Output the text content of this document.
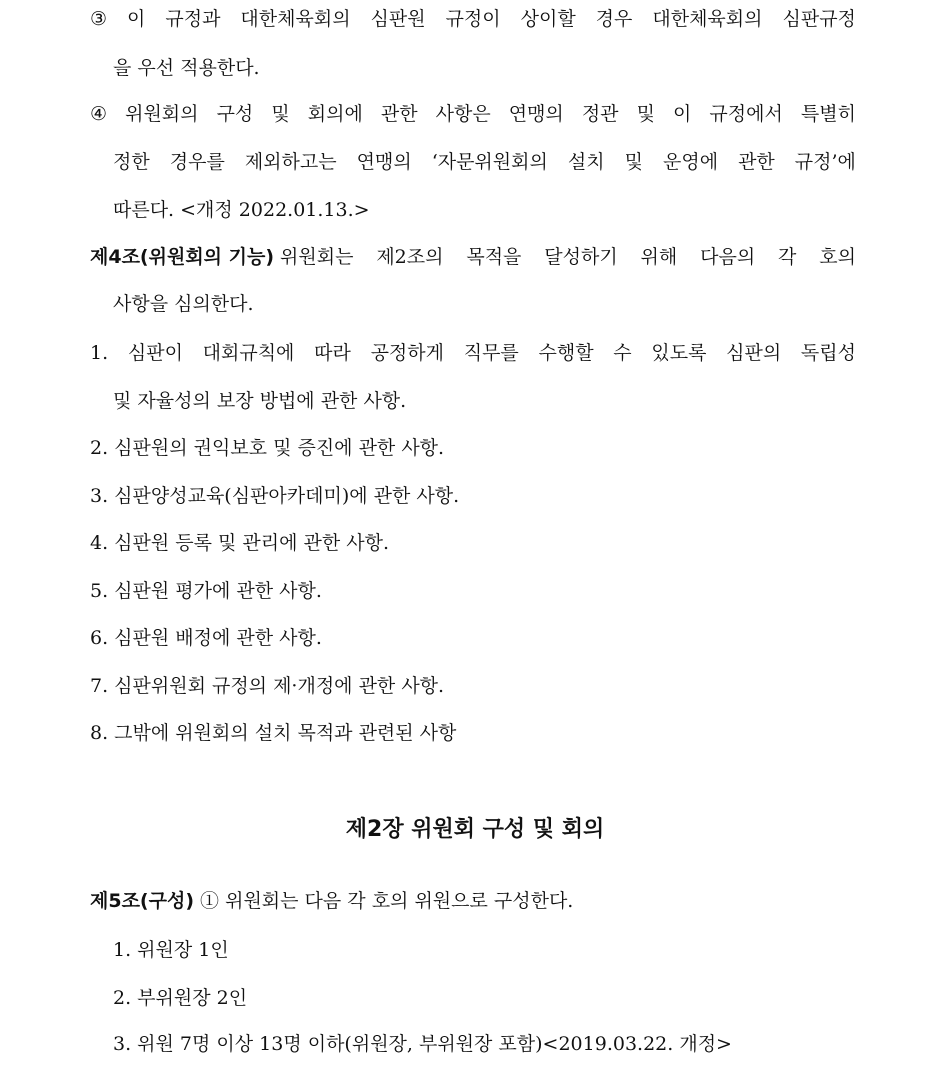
③ 이 규정과 대한체육회의 심판원 규정이 상이할 경우 대한체육회의 심판규정
을 우선 적용한다.
④ 위원회의 구성 및 회의에 관한 사항은 연맹의 정관 및 이 규정에서 특별히
정한 경우를 제외하고는 연맹의 ‘자문위원회의 설치 및 운영에 관한 규정’에
따른다. <개정 2022.01.13.>
제4조(위원회의 기능) 위원회는 제2조의 목적을 달성하기 위해 다음의 각 호의
사항을 심의한다.
1. 심판이 대회규칙에 따라 공정하게 직무를 수행할 수 있도록 심판의 독립성
및 자율성의 보장 방법에 관한 사항.
2. 심판원의 권익보호 및 증진에 관한 사항.
3. 심판양성교육(심판아카데미)에 관한 사항.
4. 심판원 등록 및 관리에 관한 사항.
5. 심판원 평가에 관한 사항.
6. 심판원 배정에 관한 사항.
7. 심판위원회 규정의 제·개정에 관한 사항.
8. 그밖에 위원회의 설치 목적과 관련된 사항
제2장 위원회 구성 및 회의
제5조(구성) ① 위원회는 다음 각 호의 위원으로 구성한다.
1. 위원장 1인
2. 부위원장 2인
3. 위원 7명 이상 13명 이하(위원장, 부위원장 포함)<2019.03.22. 개정>
